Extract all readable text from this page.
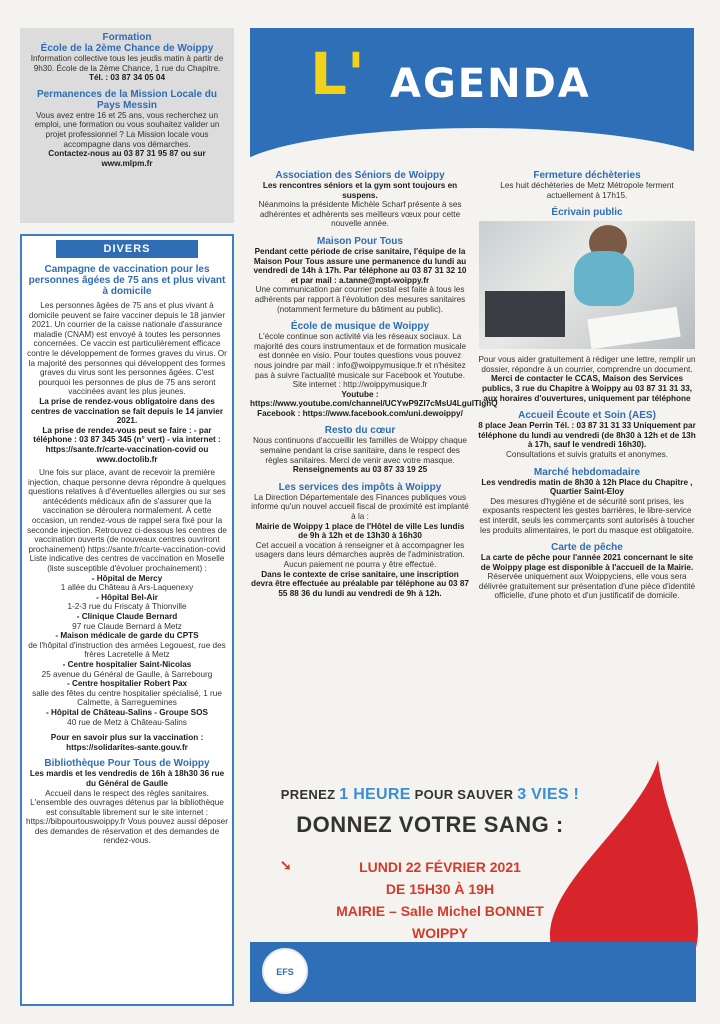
Formation
École de la 2ème Chance de Woippy
Information collective tous les jeudis matin à partir de 9h30. École de la 2ème Chance, 1 rue du Chapitre.
Tél. : 03 87 34 05 04
Permanences de la Mission Locale du Pays Messin
Vous avez entre 16 et 25 ans, vous recherchez un emploi, une formation ou vous souhaitez valider un projet professionnel ? La Mission locale vous accompagne dans vos démarches.
Contactez-nous au 03 87 31 95 87 ou sur www.mlpm.fr
DIVERS
Campagne de vaccination pour les personnes âgées de 75 ans et plus vivant à domicile
Les personnes âgées de 75 ans et plus vivant à domicile peuvent se faire vacciner depuis le 18 janvier 2021. Un courrier de la caisse nationale d'assurance maladie (CNAM) est envoyé à toutes les personnes concernées. Ce vaccin est particulièrement efficace contre le développement de formes graves du virus. Or la majorité des personnes qui développent des formes graves du virus sont les personnes âgées. C'est pourquoi les personnes de plus de 75 ans seront vaccinées avant les plus jeunes.
La prise de rendez-vous obligatoire dans des centres de vaccination se fait depuis le 14 janvier 2021.
La prise de rendez-vous peut se faire : - par téléphone : 03 87 345 345 (n° vert) - via internet : https://sante.fr/carte-vaccination-covid ou www.doctolib.fr
Une fois sur place, avant de recevoir la première injection, chaque personne devra répondre à quelques questions relatives à d'éventuelles allergies ou sur ses antécédents médicaux afin de s'assurer que la vaccination se déroulera normalement. À cette occasion, un rendez-vous de rappel sera fixé pour la seconde injection. Retrouvez ci-dessous les centres de vaccination ouverts (de nouveaux centres ouvriront prochainement) https://sante.fr/carte-vaccination-covid Liste indicative des centres de vaccination en Moselle (liste susceptible d'évoluer prochainement) :
- Hôpital de Mercy
1 allée du Château à Ars-Laquenexy
- Hôpital Bel-Air
1-2-3 rue du Friscaty à Thionville
- Clinique Claude Bernard
97 rue Claude Bernard à Metz
- Maison médicale de garde du CPTS
de l'hôpital d'instruction des armées Legouest, rue des frères Lacretelle à Metz
- Centre hospitalier Saint-Nicolas
25 avenue du Général de Gaulle, à Sarrebourg
- Centre hospitalier Robert Pax
salle des fêtes du centre hospitalier spécialisé, 1 rue Calmette, à Sarreguemines
- Hôpital de Château-Salins - Groupe SOS
40 rue de Metz à Château-Salins
Pour en savoir plus sur la vaccination : https://solidarites-sante.gouv.fr
Bibliothèque Pour Tous de Woippy
Les mardis et les vendredis de 16h à 18h30 36 rue du Général de Gaulle
Accueil dans le respect des règles sanitaires. L'ensemble des ouvrages détenus par la bibliothèque est consultable librement sur le site internet : https://bibpourtouswoippy.fr Vous pouvez aussi déposer des demandes de réservation et des demandes de rendez-vous.
L' AGENDA
Association des Séniors de Woippy
Les rencontres séniors et la gym sont toujours en suspens.
Néanmoins la présidente Michèle Scharf présente à ses adhérentes et adhérents ses meilleurs vœux pour cette nouvelle année.
Maison Pour Tous
Pendant cette période de crise sanitaire, l'équipe de la Maison Pour Tous assure une permanence du lundi au vendredi de 14h à 17h. Par téléphone au 03 87 31 32 10 et par mail : a.tanne@mpt-woippy.fr
Une communication par courrier postal est faite à tous les adhérents par rapport à l'évolution des mesures sanitaires (notamment fermeture du bâtiment au public).
École de musique de Woippy
L'école continue son activité via les réseaux sociaux. La majorité des cours instrumentaux et de formation musicale est donnée en visio. Pour toutes questions vous pouvez nous joindre par mail : info@woippymusique.fr et n'hésitez pas à suivre l'actualité musicale sur Facebook et Youtube.
Site internet : http://woippymusique.fr
Youtube : https://www.youtube.com/channel/UCYwP9ZI7cMsU4LguITlghQ
Facebook : https://www.facebook.com/uni.dewoippy/
Resto du cœur
Nous continuons d'accueillir les familles de Woippy chaque semaine pendant la crise sanitaire, dans le respect des règles sanitaires. Merci de venir avec votre masque.
Renseignements au 03 87 33 19 25
Les services des impôts à Woippy
La Direction Départementale des Finances publiques vous informe qu'un nouvel accueil fiscal de proximité est implanté à la :
Mairie de Woippy 1 place de l'Hôtel de ville Les lundis de 9h à 12h et de 13h30 à 16h30
Cet accueil a vocation à renseigner et à accompagner les usagers dans leurs démarches auprès de l'administration. Aucun paiement ne pourra y être effectué.
Dans le contexte de crise sanitaire, une inscription devra être effectuée au préalable par téléphone au 03 87 55 88 36 du lundi au vendredi de 9h à 12h.
Fermeture déchèteries
Les huit déchèteries de Metz Métropole ferment actuellement à 17h15.
Écrivain public
Pour vous aider gratuitement à rédiger une lettre, remplir un dossier, répondre à un courrier, comprendre un document.
Merci de contacter le CCAS, Maison des Services publics, 3 rue du Chapitre à Woippy au 03 87 31 31 33, aux horaires d'ouvertures, uniquement par téléphone
Accueil Écoute et Soin (AES)
8 place Jean Perrin Tél. : 03 87 31 31 33 Uniquement par téléphone du lundi au vendredi (de 8h30 à 12h et de 13h à 17h, sauf le vendredi 16h30).
Consultations et suivis gratuits et anonymes.
Marché hebdomadaire
Les vendredis matin de 8h30 à 12h Place du Chapitre , Quartier Saint-Eloy
Des mesures d'hygiène et de sécurité sont prises, les exposants respectent les gestes barrières, le libre-service est interdit, seuls les commerçants sont autorisés à toucher les produits alimentaires, le port du masque est obligatoire.
Carte de pêche
La carte de pêche pour l'année 2021 concernant le site de Woippy plage est disponible à l'accueil de la Mairie.
Réservée uniquement aux Woippyciens, elle vous sera délivrée gratuitement sur présentation d'une pièce d'identité officielle, d'une photo et d'un justificatif de domicile.
EFS
PRENEZ 1 HEURE POUR SAUVER 3 VIES !
DONNEZ VOTRE SANG :
➘	LUNDI 22 FÉVRIER 2021
DE 15H30 À 19H
MAIRIE – Salle Michel BONNET
WOIPPY
